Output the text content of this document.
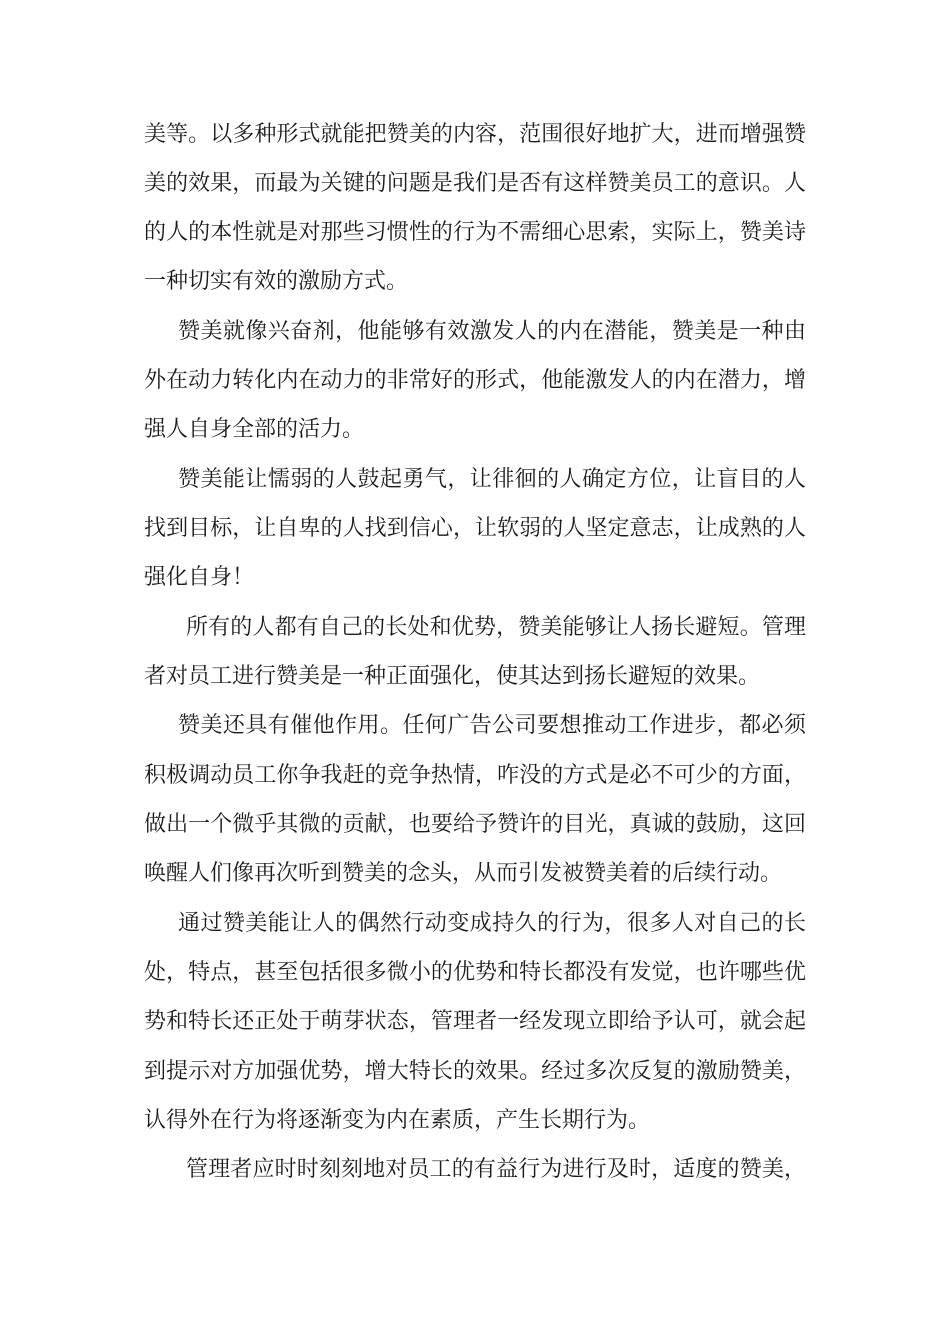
美等。以多种形式就能把赞美的内容，范围很好地扩大，进而增强赞

美的效果，而最为关键的问题是我们是否有这样赞美员工的意识。人

的人的本性就是对那些习惯性的行为不需细心思索，实际上，赞美诗

一种切实有效的激励方式。

赞美就像兴奋剂，他能够有效激发人的内在潜能，赞美是一种由

外在动力转化内在动力的非常好的形式，他能激发人的内在潜力，增

强人自身全部的活力。

赞美能让懦弱的人鼓起勇气，让徘徊的人确定方位，让盲目的人

找到目标，让自卑的人找到信心，让软弱的人坚定意志，让成熟的人

强化自身！

所有的人都有自己的长处和优势，赞美能够让人扬长避短。管理

者对员工进行赞美是一种正面强化，使其达到扬长避短的效果。

赞美还具有催他作用。任何广告公司要想推动工作进步，都必须

积极调动员工你争我赶的竞争热情，咋没的方式是必不可少的方面，

做出一个微乎其微的贡献，也要给予赞许的目光，真诚的鼓励，这回

唤醒人们像再次听到赞美的念头，从而引发被赞美着的后续行动。

通过赞美能让人的偶然行动变成持久的行为，很多人对自己的长

处，特点，甚至包括很多微小的优势和特长都没有发觉，也许哪些优

势和特长还正处于萌芽状态，管理者一经发现立即给予认可，就会起

到提示对方加强优势，增大特长的效果。经过多次反复的激励赞美，

认得外在行为将逐渐变为内在素质，产生长期行为。

管理者应时时刻刻地对员工的有益行为进行及时，适度的赞美，
